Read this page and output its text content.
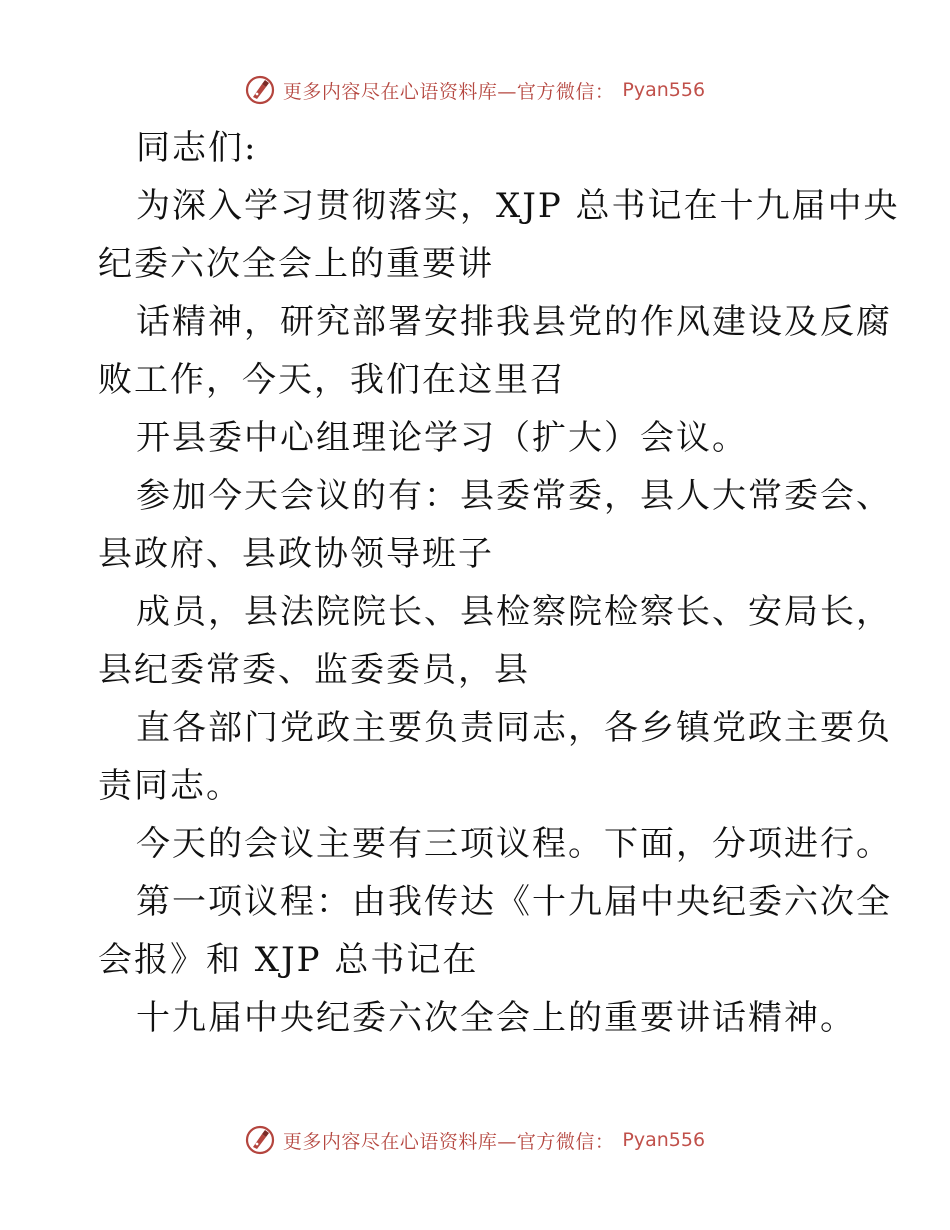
更多内容尽在心语资料库—官方微信： Pyan556
同志们:
为深入学习贯彻落实，XJP 总书记在十九届中央
纪委六次全会上的重要讲
话精神，研究部署安排我县党的作风建设及反腐
败工作，今天，我们在这里召
开县委中心组理论学习（扩大）会议。
参加今天会议的有：县委常委，县人大常委会、
县政府、县政协领导班子
成员，县法院院长、县检察院检察长、安局长，
县纪委常委、监委委员，县
直各部门党政主要负责同志，各乡镇党政主要负
责同志。
今天的会议主要有三项议程。下面，分项进行。
第一项议程：由我传达《十九届中央纪委六次全
会报》和 XJP 总书记在
十九届中央纪委六次全会上的重要讲话精神。
更多内容尽在心语资料库—官方微信： Pyan556
